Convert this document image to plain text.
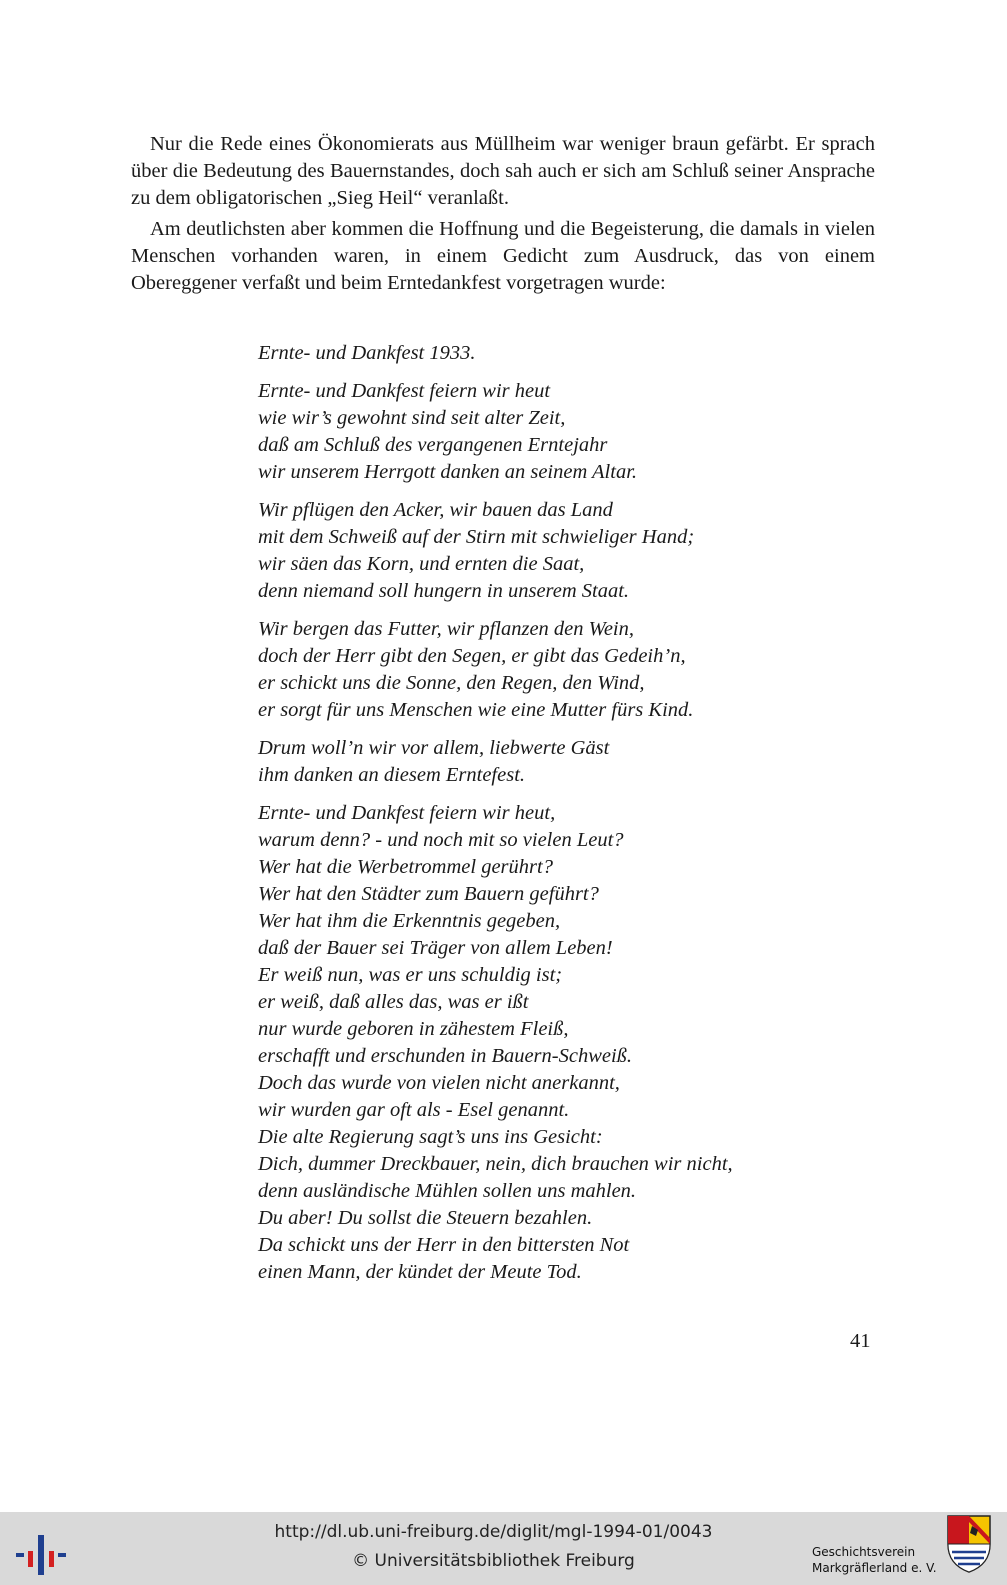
Nur die Rede eines Ökonomierats aus Müllheim war weniger braun gefärbt. Er sprach über die Bedeutung des Bauernstandes, doch sah auch er sich am Schluß seiner Ansprache zu dem obligatorischen „Sieg Heil“ veranlaßt.

Am deutlichsten aber kommen die Hoffnung und die Begeisterung, die damals in vielen Menschen vorhanden waren, in einem Gedicht zum Ausdruck, das von einem Obereggener verfaßt und beim Erntedankfest vorgetragen wurde:

Ernte- und Dankfest 1933.
Ernte- und Dankfest feiern wir heut
wie wir’s gewohnt sind seit alter Zeit,
daß am Schluß des vergangenen Erntejahr
wir unserem Herrgott danken an seinem Altar.
Wir pflügen den Acker, wir bauen das Land
mit dem Schweiß auf der Stirn mit schwieliger Hand;
wir säen das Korn, und ernten die Saat,
denn niemand soll hungern in unserem Staat.
Wir bergen das Futter, wir pflanzen den Wein,
doch der Herr gibt den Segen, er gibt das Gedeih’n,
er schickt uns die Sonne, den Regen, den Wind,
er sorgt für uns Menschen wie eine Mutter fürs Kind.
Drum woll’n wir vor allem, liebwerte Gäst
ihm danken an diesem Erntefest.
Ernte- und Dankfest feiern wir heut,
warum denn? - und noch mit so vielen Leut?
Wer hat die Werbetrommel gerührt?
Wer hat den Städter zum Bauern geführt?
Wer hat ihm die Erkenntnis gegeben,
daß der Bauer sei Träger von allem Leben!
Er weiß nun, was er uns schuldig ist;
er weiß, daß alles das, was er ißt
nur wurde geboren in zähestem Fleiß,
erschafft und erschunden in Bauern-Schweiß.
Doch das wurde von vielen nicht anerkannt,
wir wurden gar oft als - Esel genannt.
Die alte Regierung sagt’s uns ins Gesicht:
Dich, dummer Dreckbauer, nein, dich brauchen wir nicht,
denn ausländische Mühlen sollen uns mahlen.
Du aber! Du sollst die Steuern bezahlen.
Da schickt uns der Herr in den bittersten Not
einen Mann, der kündet der Meute Tod.
41
http://dl.ub.uni-freiburg.de/diglit/mgl-1994-01/0043
© Universitätsbibliothek Freiburg	Geschichtsverein
Markgräflerland e. V.
